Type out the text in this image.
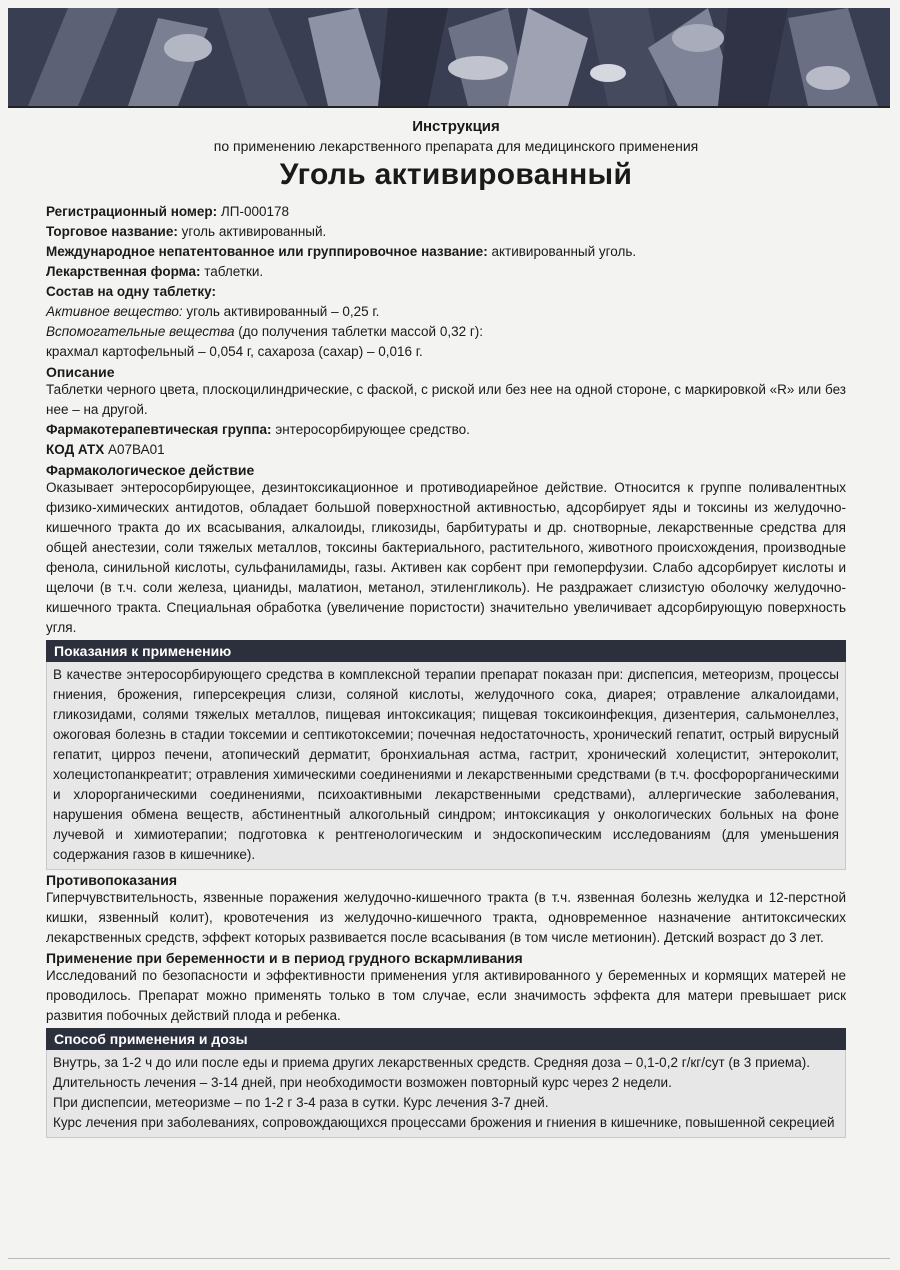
Инструкция
по применению лекарственного препарата для медицинского применения
Уголь активированный

Регистрационный номер: ЛП-000178

Торговое название: уголь активированный.

Международное непатентованное или группировочное название: активированный уголь.

Лекарственная форма: таблетки.

Состав на одну таблетку:

Активное вещество: уголь активированный – 0,25 г.

Вспомогательные вещества (до получения таблетки массой 0,32 г):

крахмал картофельный – 0,054 г, сахароза (сахар) – 0,016 г.

Описание
Таблетки черного цвета, плоскоцилиндрические, с фаской, с риской или без нее на одной стороне, с маркировкой «R» или без нее – на другой.

Фармакотерапевтическая группа: энтеросорбирующее средство.

КОД АТХ А07ВА01

Фармакологическое действие
Оказывает энтеросорбирующее, дезинтоксикационное и противодиарейное действие. Относится к группе поливалентных физико-химических антидотов, обладает большой поверхностной активностью, адсорбирует яды и токсины из желудочно-кишечного тракта до их всасывания, алкалоиды, гликозиды, барбитураты и др. снотворные, лекарственные средства для общей анестезии, соли тяжелых металлов, токсины бактериального, растительного, животного происхождения, производные фенола, синильной кислоты, сульфаниламиды, газы. Активен как сорбент при гемоперфузии. Слабо адсорбирует кислоты и щелочи (в т.ч. соли железа, цианиды, малатион, метанол, этиленгликоль). Не раздражает слизистую оболочку желудочно-кишечного тракта. Специальная обработка (увеличение пористости) значительно увеличивает адсорбирующую поверхность угля.
Показания к применению

В качестве энтеросорбирующего средства в комплексной терапии препарат показан при: диспепсия, метеоризм, процессы гниения, брожения, гиперсекреция слизи, соляной кислоты, желудочного сока, диарея; отравление алкалоидами, гликозидами, солями тяжелых металлов, пищевая интоксикация; пищевая токсикоинфекция, дизентерия, сальмонеллез, ожоговая болезнь в стадии токсемии и септикотоксемии; почечная недостаточность, хронический гепатит, острый вирусный гепатит, цирроз печени, атопический дерматит, бронхиальная астма, гастрит, хронический холецистит, энтероколит, холецистопанкреатит; отравления химическими соединениями и лекарственными средствами (в т.ч. фосфорорганическими и хлорорганическими соединениями, психоактивными лекарственными средствами), аллергические заболевания, нарушения обмена веществ, абстинентный алкогольный синдром; интоксикация у онкологических больных на фоне лучевой и химиотерапии; подготовка к рентгенологическим и эндоскопическим исследованиям (для уменьшения содержания газов в кишечнике).

Противопоказания
Гиперчувствительность, язвенные поражения желудочно-кишечного тракта (в т.ч. язвенная болезнь желудка и 12-перстной кишки, язвенный колит), кровотечения из желудочно-кишечного тракта, одновременное назначение антитоксических лекарственных средств, эффект которых развивается после всасывания (в том числе метионин). Детский возраст до 3 лет.
Применение при беременности и в период грудного вскармливания
Исследований по безопасности и эффективности применения угля активированного у беременных и кормящих матерей не проводилось. Препарат можно применять только в том случае, если значимость эффекта для матери превышает риск развития побочных действий плода и ребенка.
Способ применения и дозы

Внутрь, за 1-2 ч до или после еды и приема других лекарственных средств. Средняя доза – 0,1-0,2 г/кг/сут (в 3 приема).

Длительность лечения – 3-14 дней, при необходимости возможен повторный курс через 2 недели.

При диспепсии, метеоризме – по 1-2 г 3-4 раза в сутки. Курс лечения 3-7 дней.

Курс лечения при заболеваниях, сопровождающихся процессами брожения и гниения в кишечнике, повышенной секрецией
